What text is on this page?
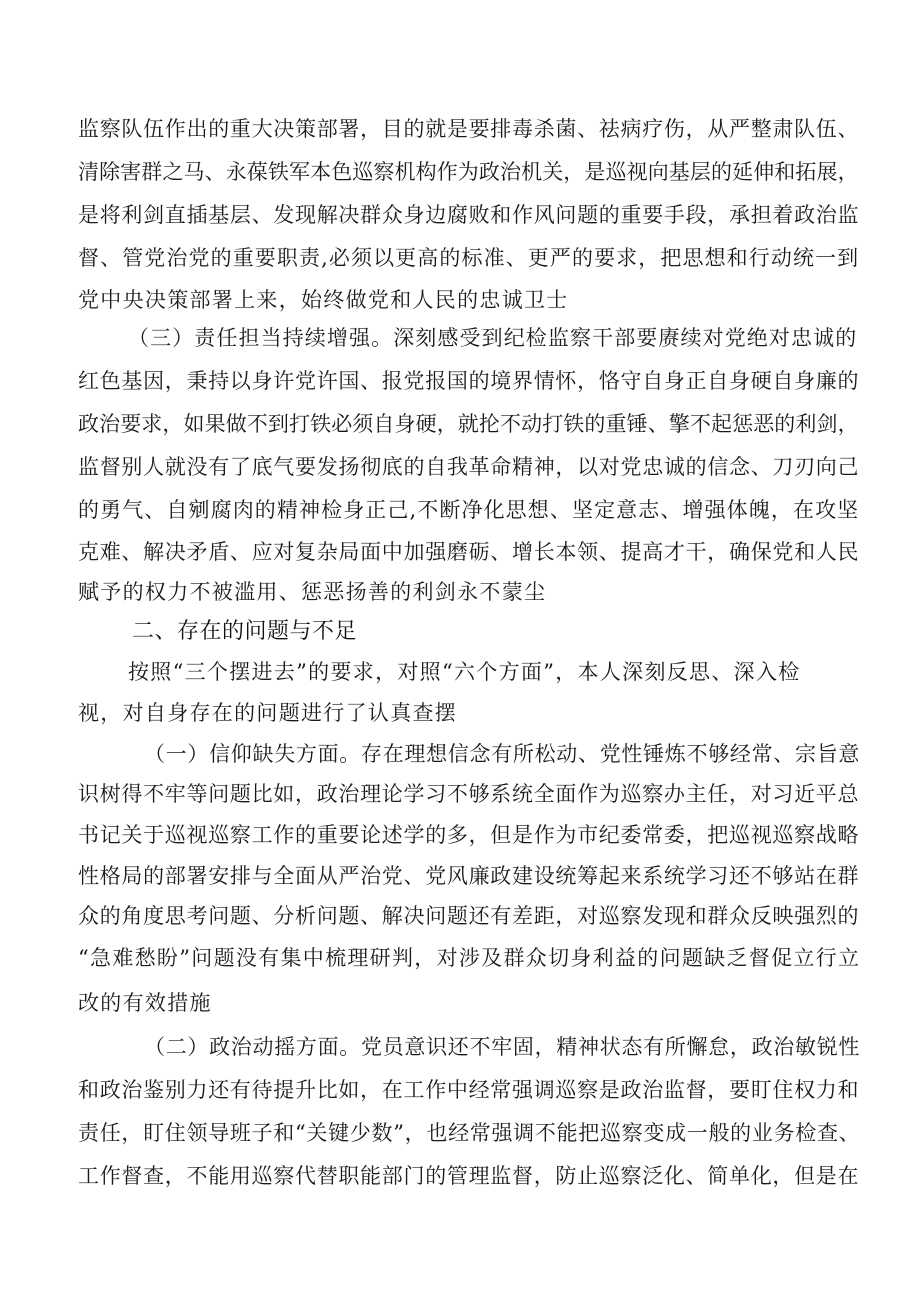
监察队伍作出的重大决策部署，目的就是要排毒杀菌、祛病疗伤，从严整肃队伍、
清除害群之马、永葆铁军本色巡察机构作为政治机关，是巡视向基层的延伸和拓展，
是将利剑直插基层、发现解决群众身边腐败和作风问题的重要手段，承担着政治监
督、管党治党的重要职责,必须以更高的标准、更严的要求，把思想和行动统一到
党中央决策部署上来，始终做党和人民的忠诚卫士
（三）责任担当持续增强。深刻感受到纪检监察干部要赓续对党绝对忠诚的
红色基因，秉持以身许党许国、报党报国的境界情怀，恪守自身正自身硬自身廉的
政治要求，如果做不到打铁必须自身硬，就抡不动打铁的重锤、擎不起惩恶的利剑，
监督别人就没有了底气要发扬彻底的自我革命精神，以对党忠诚的信念、刀刃向己
的勇气、自剜腐肉的精神检身正己,不断净化思想、坚定意志、增强体魄，在攻坚
克难、解决矛盾、应对复杂局面中加强磨砺、增长本领、提高才干，确保党和人民
赋予的权力不被滥用、惩恶扬善的利剑永不蒙尘
二、存在的问题与不足
按照“三个摆进去”的要求，对照“六个方面”，本人深刻反思、深入检
视，对自身存在的问题进行了认真查摆
（一）信仰缺失方面。存在理想信念有所松动、党性锤炼不够经常、宗旨意
识树得不牢等问题比如，政治理论学习不够系统全面作为巡察办主任，对习近平总
书记关于巡视巡察工作的重要论述学的多，但是作为市纪委常委，把巡视巡察战略
性格局的部署安排与全面从严治党、党风廉政建设统筹起来系统学习还不够站在群
众的角度思考问题、分析问题、解决问题还有差距，对巡察发现和群众反映强烈的
“急难愁盼”问题没有集中梳理研判，对涉及群众切身利益的问题缺乏督促立行立
改的有效措施
（二）政治动摇方面。党员意识还不牢固，精神状态有所懈怠，政治敏锐性
和政治鉴别力还有待提升比如，在工作中经常强调巡察是政治监督，要盯住权力和
责任，盯住领导班子和“关键少数”，也经常强调不能把巡察变成一般的业务检查、
工作督查，不能用巡察代替职能部门的管理监督，防止巡察泛化、简单化，但是在
